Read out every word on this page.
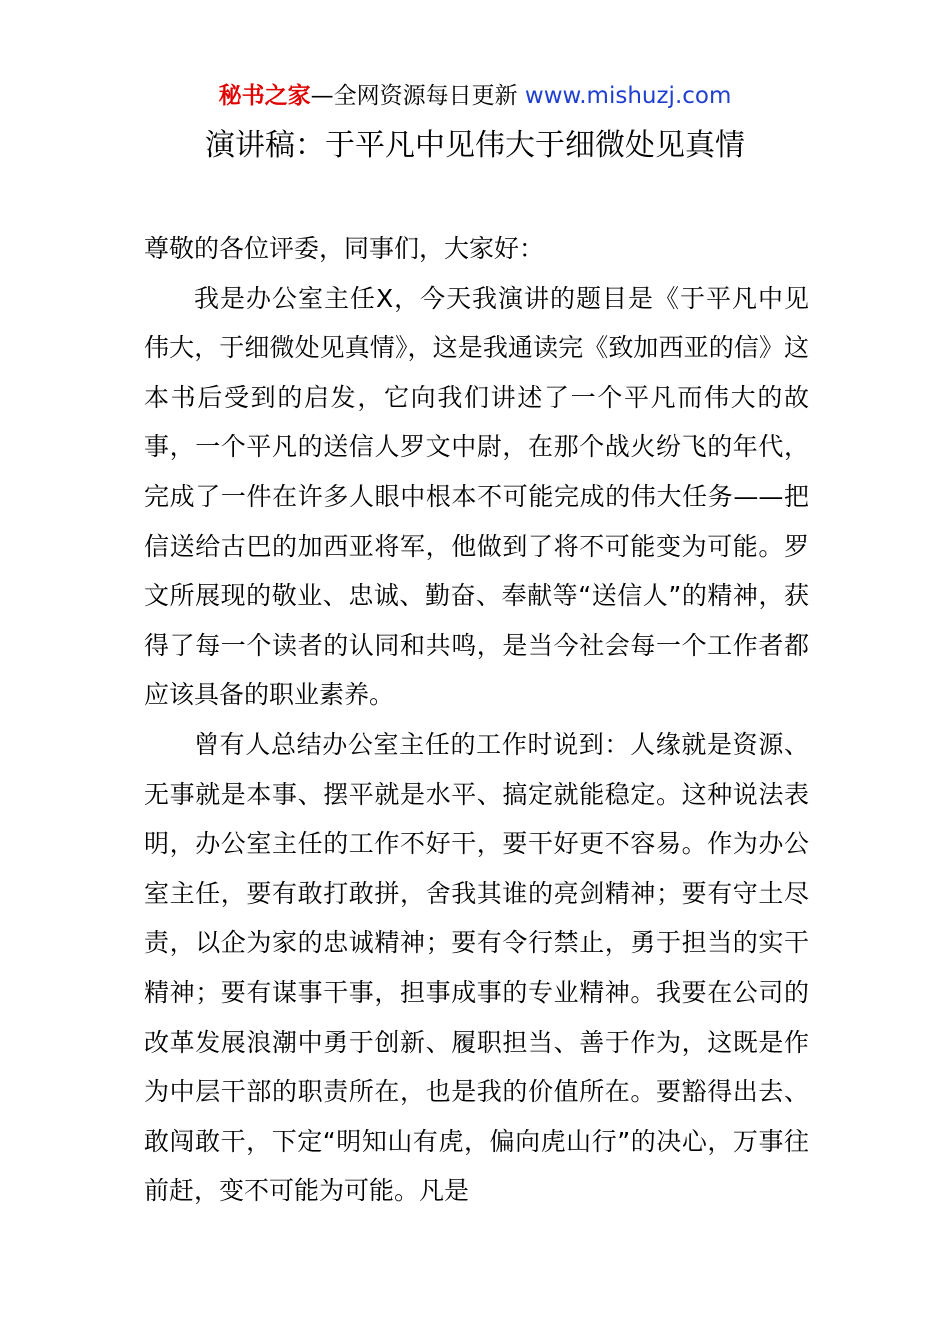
秘书之家—全网资源每日更新 www.mishuzj.com
演讲稿：于平凡中见伟大于细微处见真情

尊敬的各位评委，同事们，大家好：

我是办公室主任X，今天我演讲的题目是《于平凡中见伟大，于细微处见真情》，这是我通读完《致加西亚的信》这本书后受到的启发，它向我们讲述了一个平凡而伟大的故事，一个平凡的送信人罗文中尉，在那个战火纷飞的年代，完成了一件在许多人眼中根本不可能完成的伟大任务——把信送给古巴的加西亚将军，他做到了将不可能变为可能。罗文所展现的敬业、忠诚、勤奋、奉献等“送信人”的精神，获得了每一个读者的认同和共鸣，是当今社会每一个工作者都应该具备的职业素养。

曾有人总结办公室主任的工作时说到：人缘就是资源、无事就是本事、摆平就是水平、搞定就能稳定。这种说法表明，办公室主任的工作不好干，要干好更不容易。作为办公室主任，要有敢打敢拼，舍我其谁的亮剑精神；要有守土尽责，以企为家的忠诚精神；要有令行禁止，勇于担当的实干精神；要有谋事干事，担事成事的专业精神。我要在公司的改革发展浪潮中勇于创新、履职担当、善于作为，这既是作为中层干部的职责所在，也是我的价值所在。要豁得出去、敢闯敢干，下定“明知山有虎，偏向虎山行”的决心，万事往前赶，变不可能为可能。凡是
